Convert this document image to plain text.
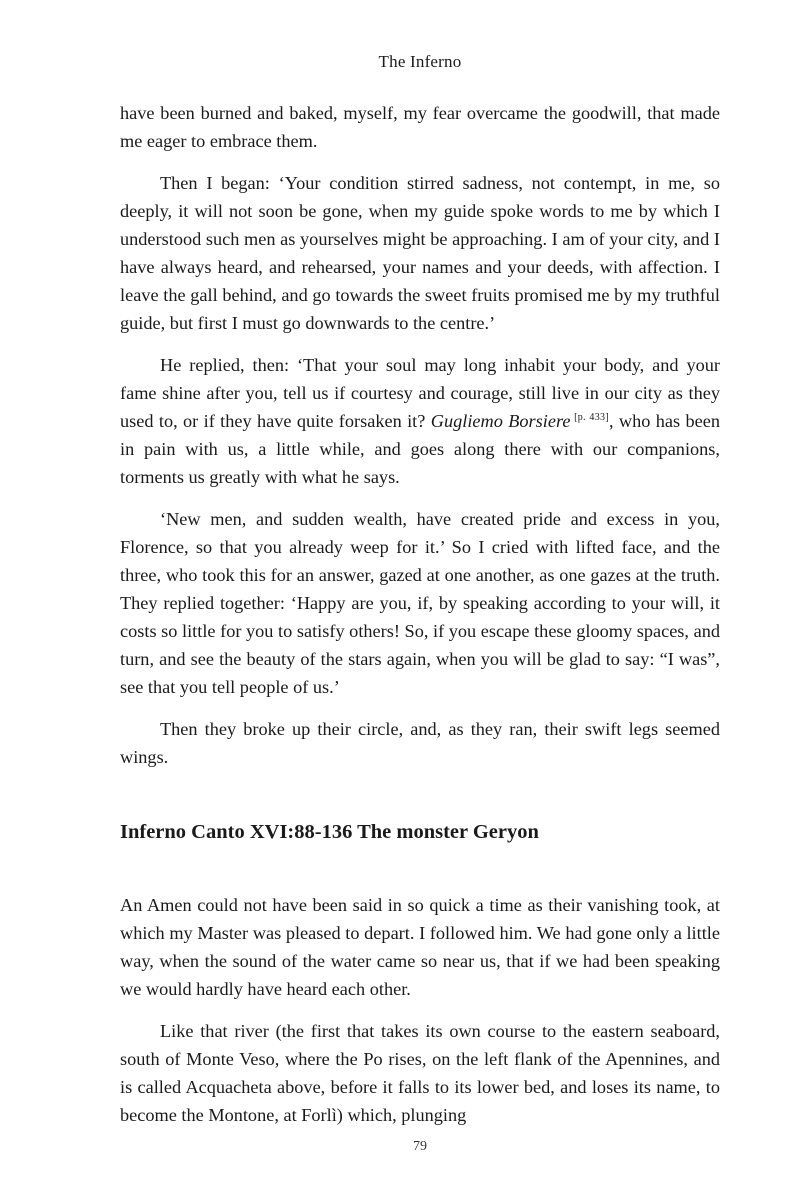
The Inferno

have been burned and baked, myself, my fear overcame the goodwill, that made me eager to embrace them.

Then I began: ‘Your condition stirred sadness, not contempt, in me, so deeply, it will not soon be gone, when my guide spoke words to me by which I understood such men as yourselves might be approaching. I am of your city, and I have always heard, and rehearsed, your names and your deeds, with affection. I leave the gall behind, and go towards the sweet fruits promised me by my truthful guide, but first I must go downwards to the centre.’

He replied, then: ‘That your soul may long inhabit your body, and your fame shine after you, tell us if courtesy and courage, still live in our city as they used to, or if they have quite forsaken it? Gugliemo Borsiere [p. 433], who has been in pain with us, a little while, and goes along there with our companions, torments us greatly with what he says.

‘New men, and sudden wealth, have created pride and excess in you, Florence, so that you already weep for it.’ So I cried with lifted face, and the three, who took this for an answer, gazed at one another, as one gazes at the truth. They replied together: ‘Happy are you, if, by speaking according to your will, it costs so little for you to satisfy others! So, if you escape these gloomy spaces, and turn, and see the beauty of the stars again, when you will be glad to say: “I was”, see that you tell people of us.’

Then they broke up their circle, and, as they ran, their swift legs seemed wings.

Inferno Canto XVI:88-136 The monster Geryon

An Amen could not have been said in so quick a time as their vanishing took, at which my Master was pleased to depart. I followed him. We had gone only a little way, when the sound of the water came so near us, that if we had been speaking we would hardly have heard each other.

Like that river (the first that takes its own course to the eastern seaboard, south of Monte Veso, where the Po rises, on the left flank of the Apennines, and is called Acquacheta above, before it falls to its lower bed, and loses its name, to become the Montone, at Forlì) which, plunging

79
